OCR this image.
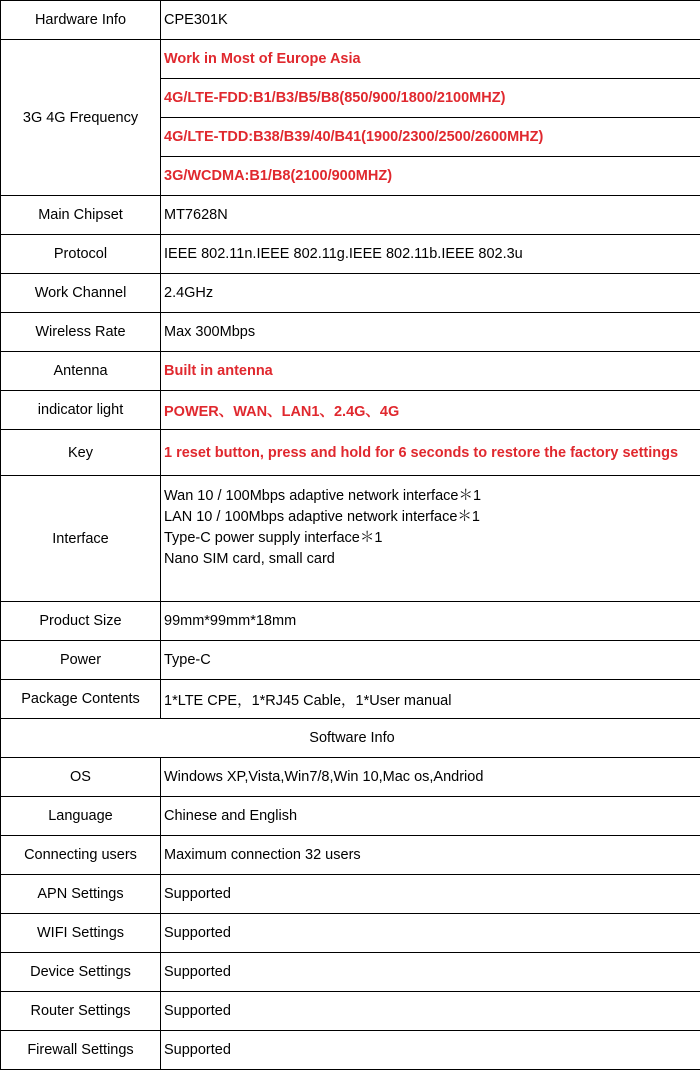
Hardware Info	CPE301K
3G 4G Frequency	Work in Most of Europe Asia
	4G/LTE-FDD:B1/B3/B5/B8(850/900/1800/2100MHZ)
	4G/LTE-TDD:B38/B39/40/B41(1900/2300/2500/2600MHZ)
	3G/WCDMA:B1/B8(2100/900MHZ)
Main Chipset	MT7628N
Protocol	IEEE 802.11n.IEEE 802.11g.IEEE 802.11b.IEEE 802.3u
Work Channel	2.4GHz
Wireless Rate	Max 300Mbps
Antenna	Built in antenna
indicator light	POWER、WAN、LAN1、2.4G、4G
Key	1 reset button, press and hold for 6 seconds to restore the factory settings
Interface	Wan 10 / 100Mbps adaptive network interface＊1
LAN 10 / 100Mbps adaptive network interface＊1
Type-C power supply interface＊1
Nano SIM card, small card

Product Size	99mm*99mm*18mm
Power	Type-C
Package Contents	1*LTE CPE，1*RJ45 Cable，1*User manual
Software Info	
OS	Windows XP,Vista,Win7/8,Win 10,Mac os,Andriod
Language	Chinese and English
Connecting users	Maximum connection 32 users
APN Settings	Supported
WIFI Settings	Supported
Device Settings	Supported
Router Settings	Supported
Firewall Settings	Supported
